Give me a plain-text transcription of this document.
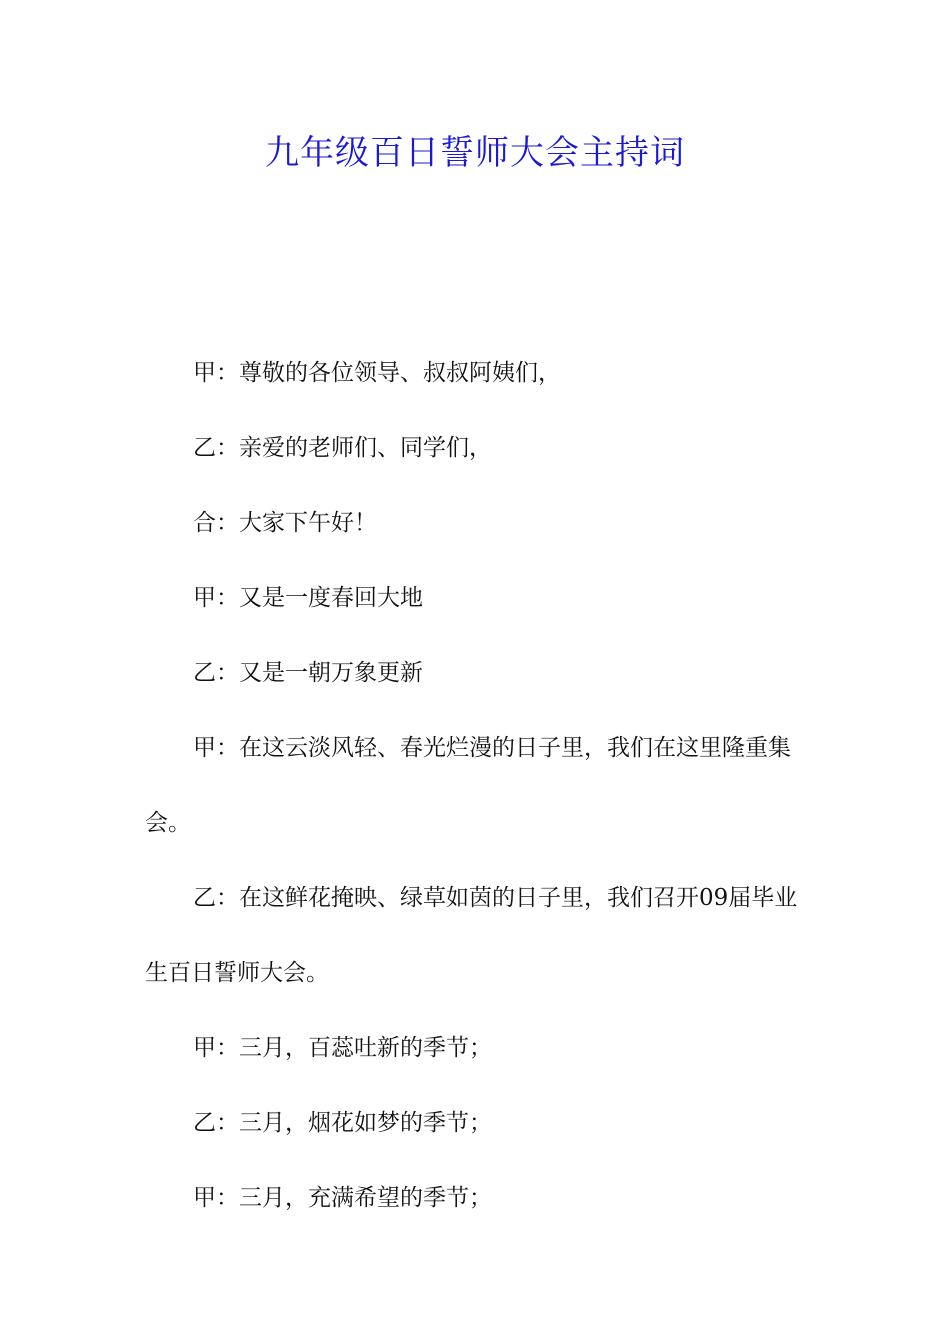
九年级百日誓师大会主持词

甲：尊敬的各位领导、叔叔阿姨们，

乙：亲爱的老师们、同学们，

合：大家下午好！

甲：又是一度春回大地

乙：又是一朝万象更新

甲：在这云淡风轻、春光烂漫的日子里，我们在这里隆重集会。

乙：在这鲜花掩映、绿草如茵的日子里，我们召开09届毕业生百日誓师大会。

甲：三月，百蕊吐新的季节；

乙：三月，烟花如梦的季节；

甲：三月，充满希望的季节；
